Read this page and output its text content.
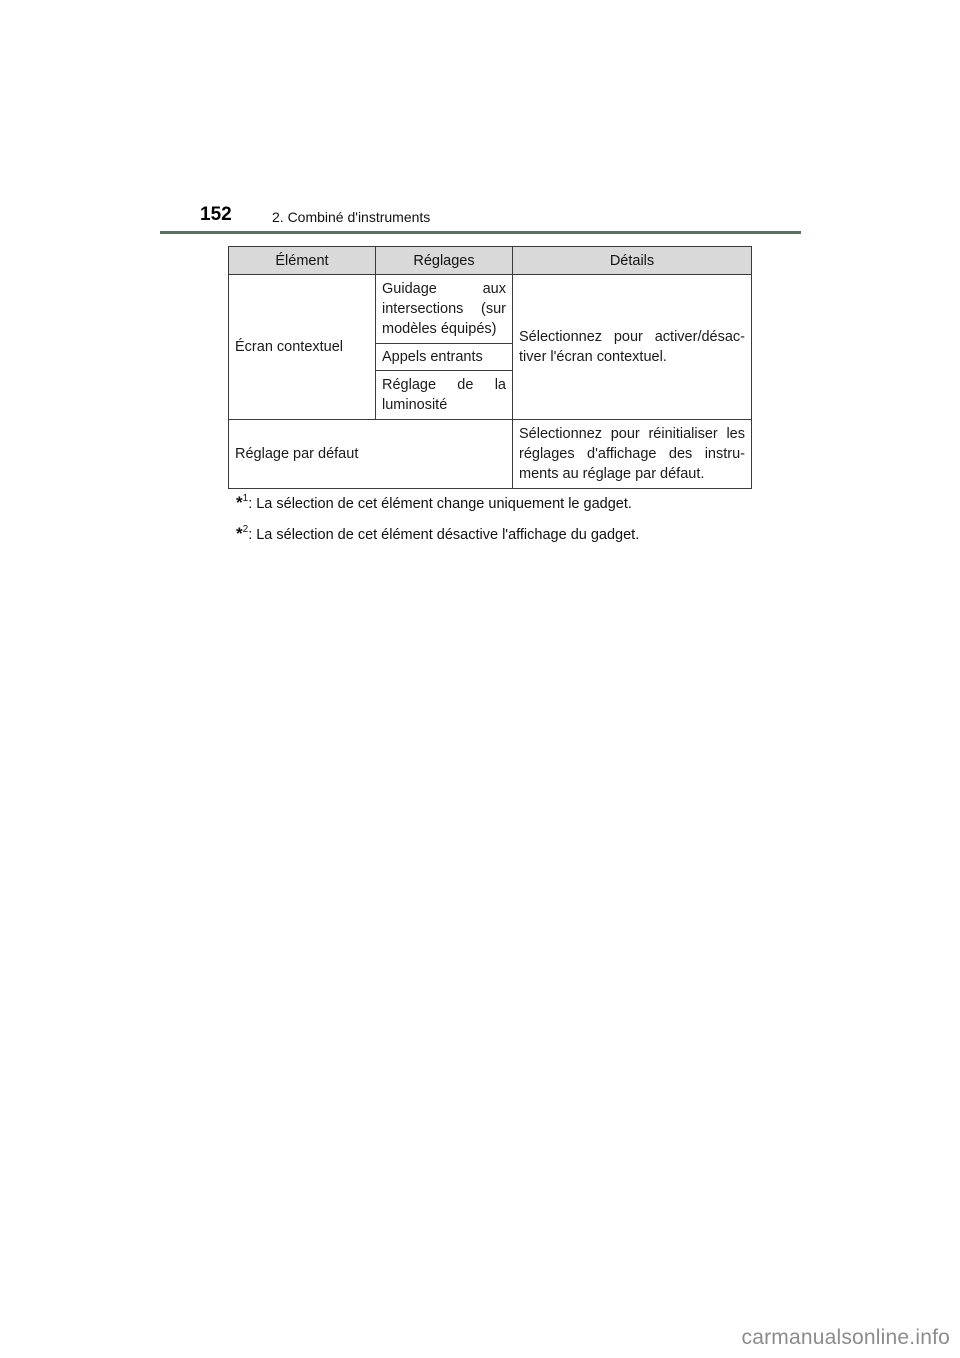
152	2. Combiné d'instruments
Élément	Réglages	Détails
Écran contextuel	Guidage aux intersections (sur modèles équipés)	Sélectionnez pour activer/désac-tiver l'écran contextuel.
	Appels entrants	
	Réglage de la luminosité	
Réglage par défaut		Sélectionnez pour réinitialiser les réglages d'affichage des instru-ments au réglage par défaut.
*$^1$: La sélection de cet élément change uniquement le gadget.
*$^2$: La sélection de cet élément désactive l'affichage du gadget.
carmanualsonline.info
